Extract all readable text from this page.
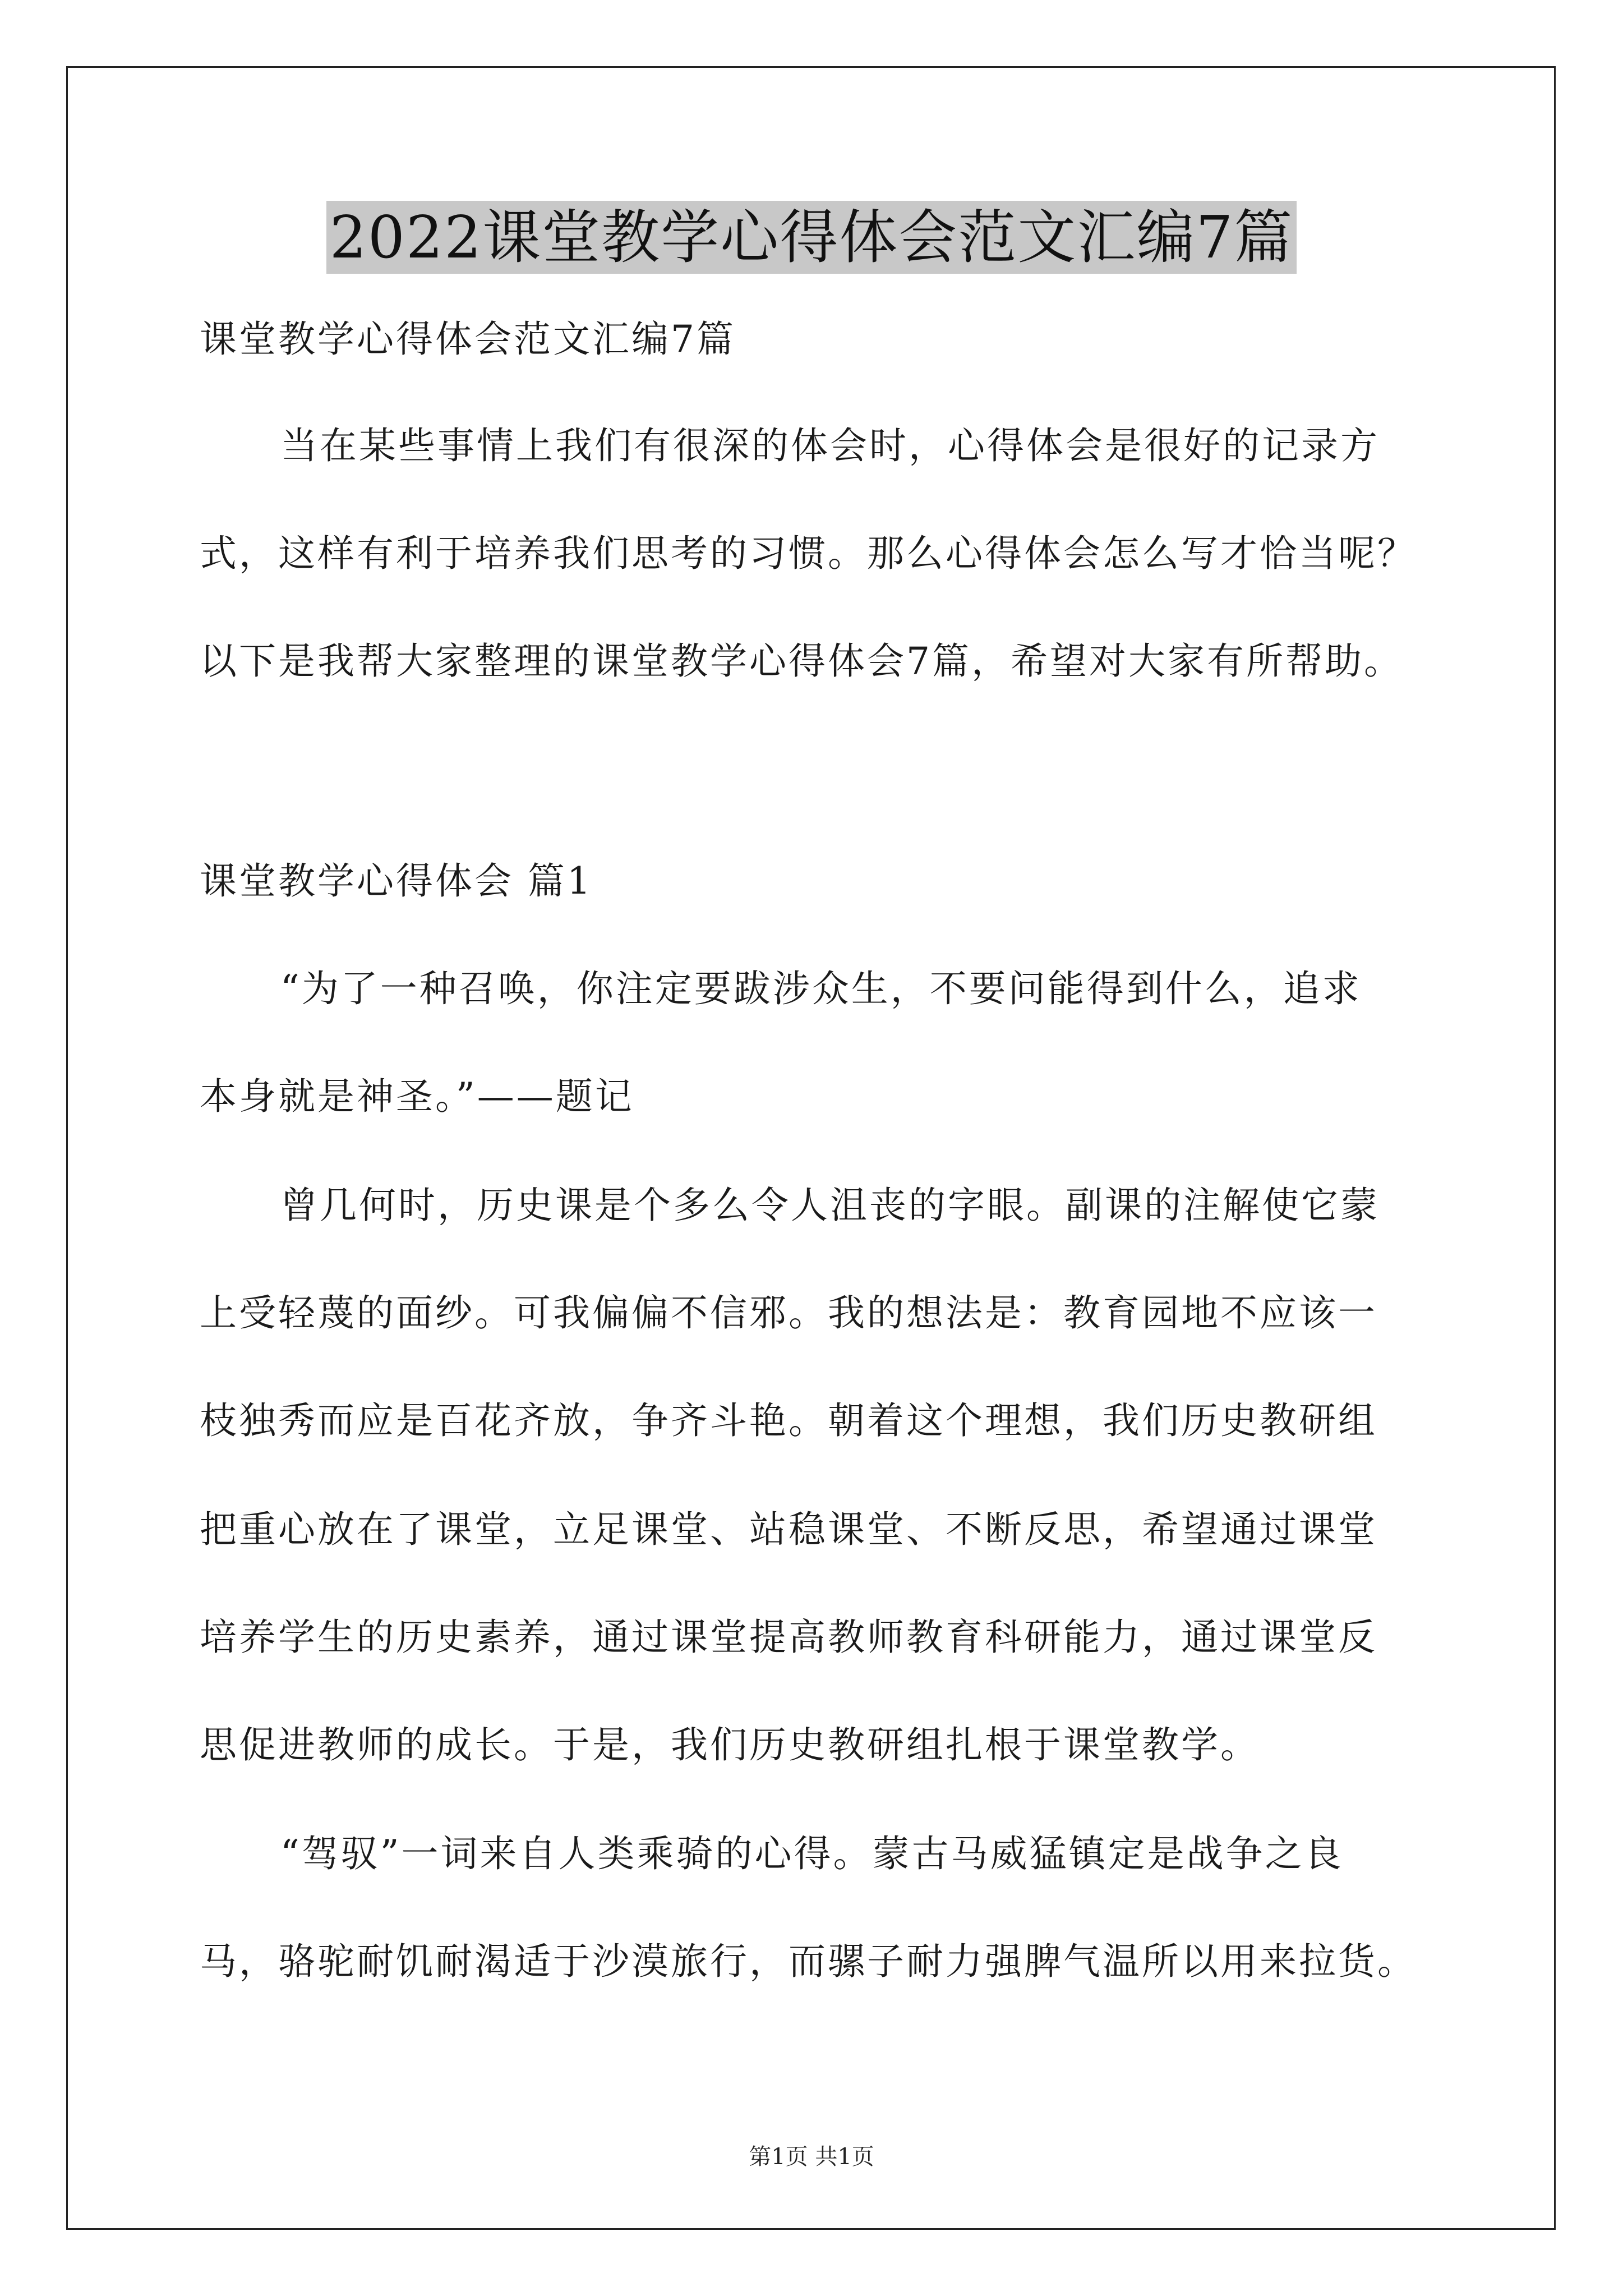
2022课堂教学心得体会范文汇编7篇
课堂教学心得体会范文汇编7篇
当在某些事情上我们有很深的体会时，心得体会是很好的记录方
式，这样有利于培养我们思考的习惯。那么心得体会怎么写才恰当呢？
以下是我帮大家整理的课堂教学心得体会7篇，希望对大家有所帮助。
课堂教学心得体会 篇1
“为了一种召唤，你注定要跋涉众生，不要问能得到什么，追求
本身就是神圣。”——题记
曾几何时，历史课是个多么令人沮丧的字眼。副课的注解使它蒙
上受轻蔑的面纱。可我偏偏不信邪。我的想法是：教育园地不应该一
枝独秀而应是百花齐放，争齐斗艳。朝着这个理想，我们历史教研组
把重心放在了课堂，立足课堂、站稳课堂、不断反思，希望通过课堂
培养学生的历史素养，通过课堂提高教师教育科研能力，通过课堂反
思促进教师的成长。于是，我们历史教研组扎根于课堂教学。
“驾驭”一词来自人类乘骑的心得。蒙古马威猛镇定是战争之良
马，骆驼耐饥耐渴适于沙漠旅行，而骡子耐力强脾气温所以用来拉货。
第1页 共1页
